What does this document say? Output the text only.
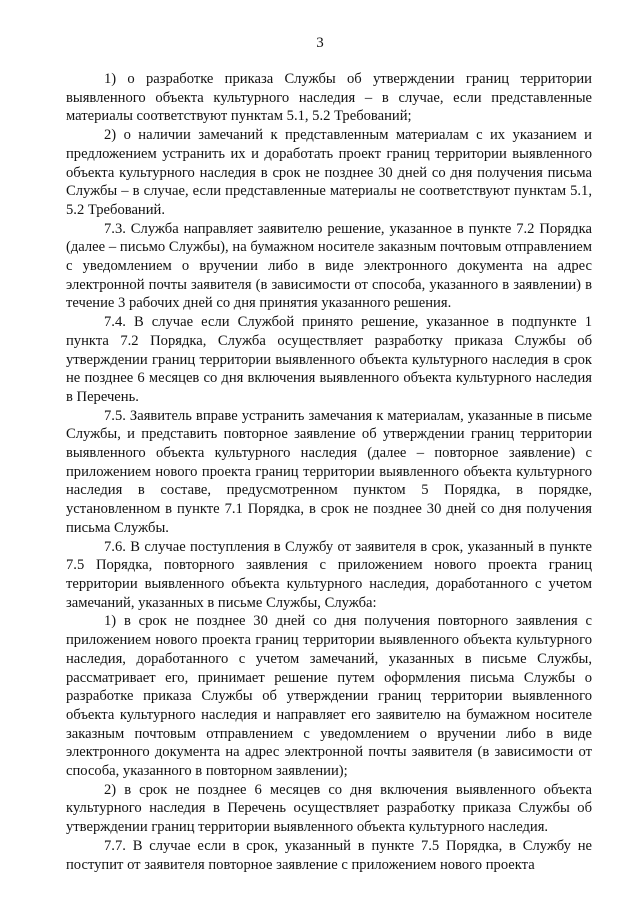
3

1) о разработке приказа Службы об утверждении границ территории выявленного объекта культурного наследия – в случае, если представленные материалы соответствуют пунктам 5.1, 5.2 Требований;

2) о наличии замечаний к представленным материалам с их указанием и предложением устранить их и доработать проект границ территории выявленного объекта культурного наследия в срок не позднее 30 дней со дня получения письма Службы – в случае, если представленные материалы не соответствуют пунктам 5.1, 5.2 Требований.

7.3. Служба направляет заявителю решение, указанное в пункте 7.2 Порядка (далее – письмо Службы), на бумажном носителе заказным почтовым отправлением с уведомлением о вручении либо в виде электронного документа на адрес электронной почты заявителя (в зависимости от способа, указанного в заявлении) в течение 3 рабочих дней со дня принятия указанного решения.

7.4. В случае если Службой принято решение, указанное в подпункте 1 пункта 7.2 Порядка, Служба осуществляет разработку приказа Службы об утверждении границ территории выявленного объекта культурного наследия в срок не позднее 6 месяцев со дня включения выявленного объекта культурного наследия в Перечень.

7.5. Заявитель вправе устранить замечания к материалам, указанные в письме Службы, и представить повторное заявление об утверждении границ территории выявленного объекта культурного наследия (далее – повторное заявление) с приложением нового проекта границ территории выявленного объекта культурного наследия в составе, предусмотренном пунктом 5 Порядка, в порядке, установленном в пункте 7.1 Порядка, в срок не позднее 30 дней со дня получения письма Службы.

7.6. В случае поступления в Службу от заявителя в срок, указанный в пункте 7.5 Порядка, повторного заявления с приложением нового проекта границ территории выявленного объекта культурного наследия, доработанного с учетом замечаний, указанных в письме Службы, Служба:

1) в срок не позднее 30 дней со дня получения повторного заявления с приложением нового проекта границ территории выявленного объекта культурного наследия, доработанного с учетом замечаний, указанных в письме Службы, рассматривает его, принимает решение путем оформления письма Службы о разработке приказа Службы об утверждении границ территории выявленного объекта культурного наследия и направляет его заявителю на бумажном носителе заказным почтовым отправлением с уведомлением о вручении либо в виде электронного документа на адрес электронной почты заявителя (в зависимости от способа, указанного в повторном заявлении);

2) в срок не позднее 6 месяцев со дня включения выявленного объекта культурного наследия в Перечень осуществляет разработку приказа Службы об утверждении границ территории выявленного объекта культурного наследия.

7.7. В случае если в срок, указанный в пункте 7.5 Порядка, в Службу не поступит от заявителя повторное заявление с приложением нового проекта
